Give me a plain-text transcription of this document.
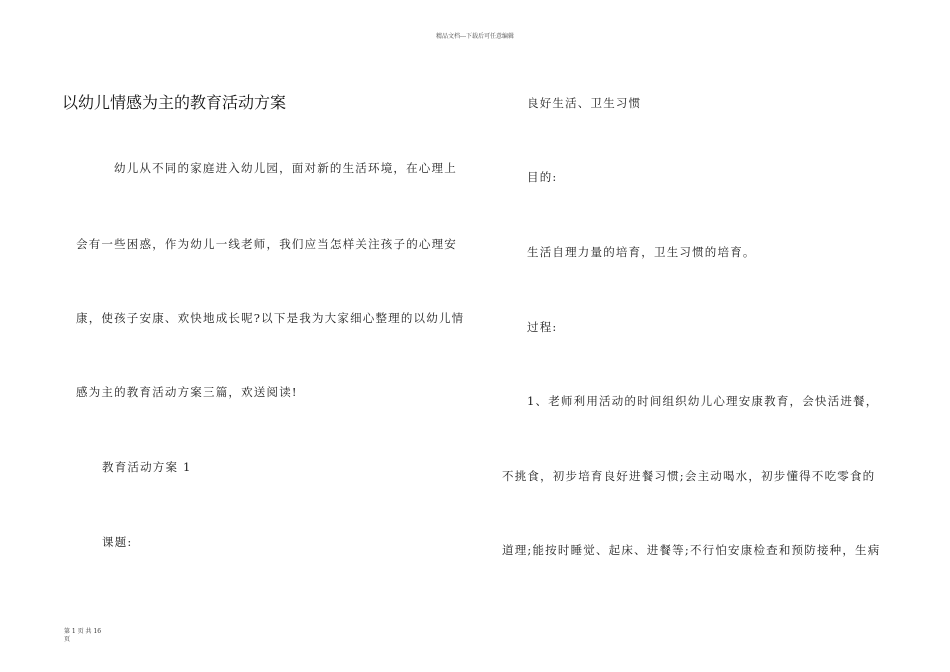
精品文档---下载后可任意编辑
以幼儿情感为主的教育活动方案
幼儿从不同的家庭进入幼儿园，面对新的生活环境，在心理上
会有一些困惑，作为幼儿一线老师，我们应当怎样关注孩子的心理安
康，使孩子安康、欢快地成长呢?以下是我为大家细心整理的以幼儿情
感为主的教育活动方案三篇，欢送阅读!
教育活动方案 1
课题:
良好生活、卫生习惯
目的:
生活自理力量的培育，卫生习惯的培育。
过程:
1、老师利用活动的时间组织幼儿心理安康教育，会快活进餐，
不挑食，初步培育良好进餐习惯;会主动喝水，初步懂得不吃零食的
道理;能按时睡觉、起床、进餐等;不行怕安康检查和预防接种，生病
第 1 页 共 16
页
